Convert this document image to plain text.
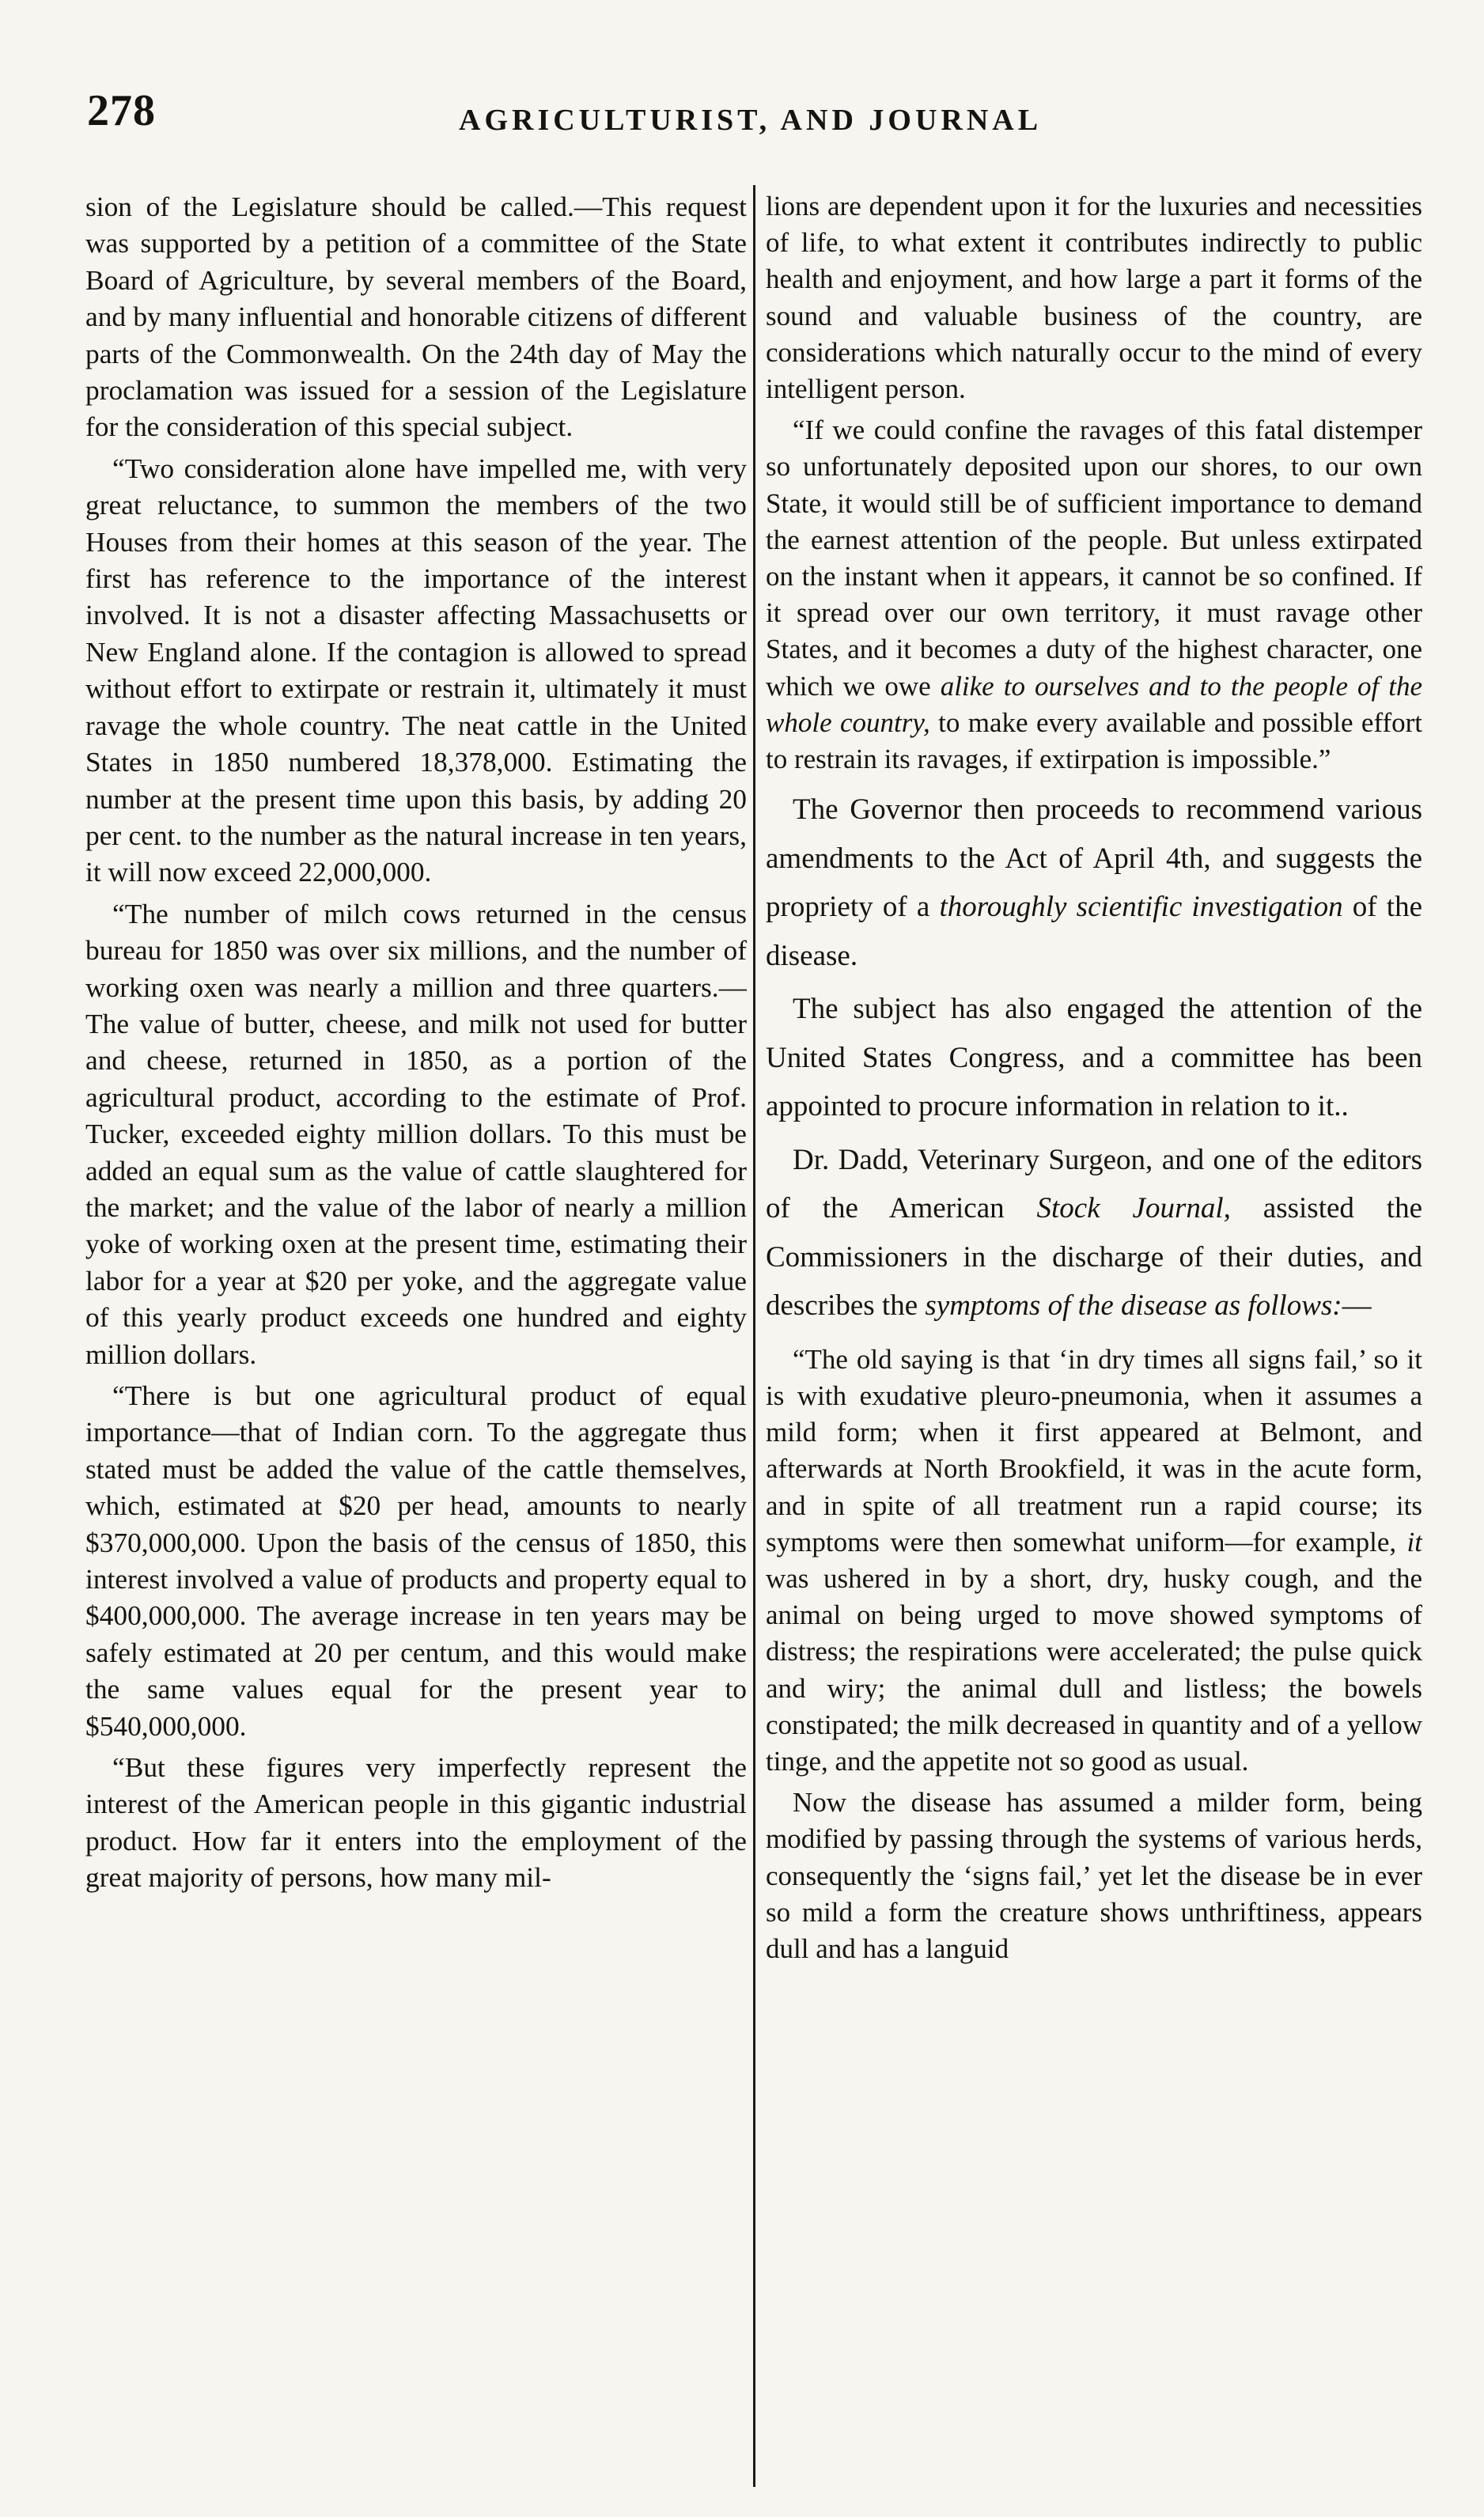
278	AGRICULTURIST, AND JOURNAL

sion of the Legislature should be called.—This request was supported by a petition of a committee of the State Board of Agriculture, by several members of the Board, and by many influential and honorable citizens of different parts of the Commonwealth. On the 24th day of May the proclamation was issued for a session of the Legislature for the consideration of this special subject.

“Two consideration alone have impelled me, with very great reluctance, to summon the members of the two Houses from their homes at this season of the year. The first has reference to the importance of the interest involved. It is not a disaster affecting Massachusetts or New England alone. If the contagion is allowed to spread without effort to extirpate or restrain it, ultimately it must ravage the whole country. The neat cattle in the United States in 1850 numbered 18,378,000. Estimating the number at the present time upon this basis, by adding 20 per cent. to the number as the natural increase in ten years, it will now exceed 22,000,000.

“The number of milch cows returned in the census bureau for 1850 was over six millions, and the number of working oxen was nearly a million and three quarters.—The value of butter, cheese, and milk not used for butter and cheese, returned in 1850, as a portion of the agricultural product, according to the estimate of Prof. Tucker, exceeded eighty million dollars. To this must be added an equal sum as the value of cattle slaughtered for the market; and the value of the labor of nearly a million yoke of working oxen at the present time, estimating their labor for a year at $20 per yoke, and the aggregate value of this yearly product exceeds one hundred and eighty million dollars.

“There is but one agricultural product of equal importance—that of Indian corn. To the aggregate thus stated must be added the value of the cattle themselves, which, estimated at $20 per head, amounts to nearly $370,000,000. Upon the basis of the census of 1850, this interest involved a value of products and property equal to $400,000,000. The average increase in ten years may be safely estimated at 20 per centum, and this would make the same values equal for the present year to $540,000,000.

“But these figures very imperfectly represent the interest of the American people in this gigantic industrial product. How far it enters into the employment of the great majority of persons, how many mil-

lions are dependent upon it for the luxuries and necessities of life, to what extent it contributes indirectly to public health and enjoyment, and how large a part it forms of the sound and valuable business of the country, are considerations which naturally occur to the mind of every intelligent person.

“If we could confine the ravages of this fatal distemper so unfortunately deposited upon our shores, to our own State, it would still be of sufficient importance to demand the earnest attention of the people. But unless extirpated on the instant when it appears, it cannot be so confined. If it spread over our own territory, it must ravage other States, and it becomes a duty of the highest character, one which we owe alike to ourselves and to the people of the whole country, to make every available and possible effort to restrain its ravages, if extirpation is impossible.”

The Governor then proceeds to recommend various amendments to the Act of April 4th, and suggests the propriety of a thoroughly scientific investigation of the disease.

The subject has also engaged the attention of the United States Congress, and a committee has been appointed to procure information in relation to it..

Dr. Dadd, Veterinary Surgeon, and one of the editors of the American Stock Journal, assisted the Commissioners in the discharge of their duties, and describes the symptoms of the disease as follows:—

“The old saying is that ‘in dry times all signs fail,’ so it is with exudative pleuro-pneumonia, when it assumes a mild form; when it first appeared at Belmont, and afterwards at North Brookfield, it was in the acute form, and in spite of all treatment run a rapid course; its symptoms were then somewhat uniform—for example, it was ushered in by a short, dry, husky cough, and the animal on being urged to move showed symptoms of distress; the respirations were accelerated; the pulse quick and wiry; the animal dull and listless; the bowels constipated; the milk decreased in quantity and of a yellow tinge, and the appetite not so good as usual.

Now the disease has assumed a milder form, being modified by passing through the systems of various herds, consequently the ‘signs fail,’ yet let the disease be in ever so mild a form the creature shows unthriftiness, appears dull and has a languid
